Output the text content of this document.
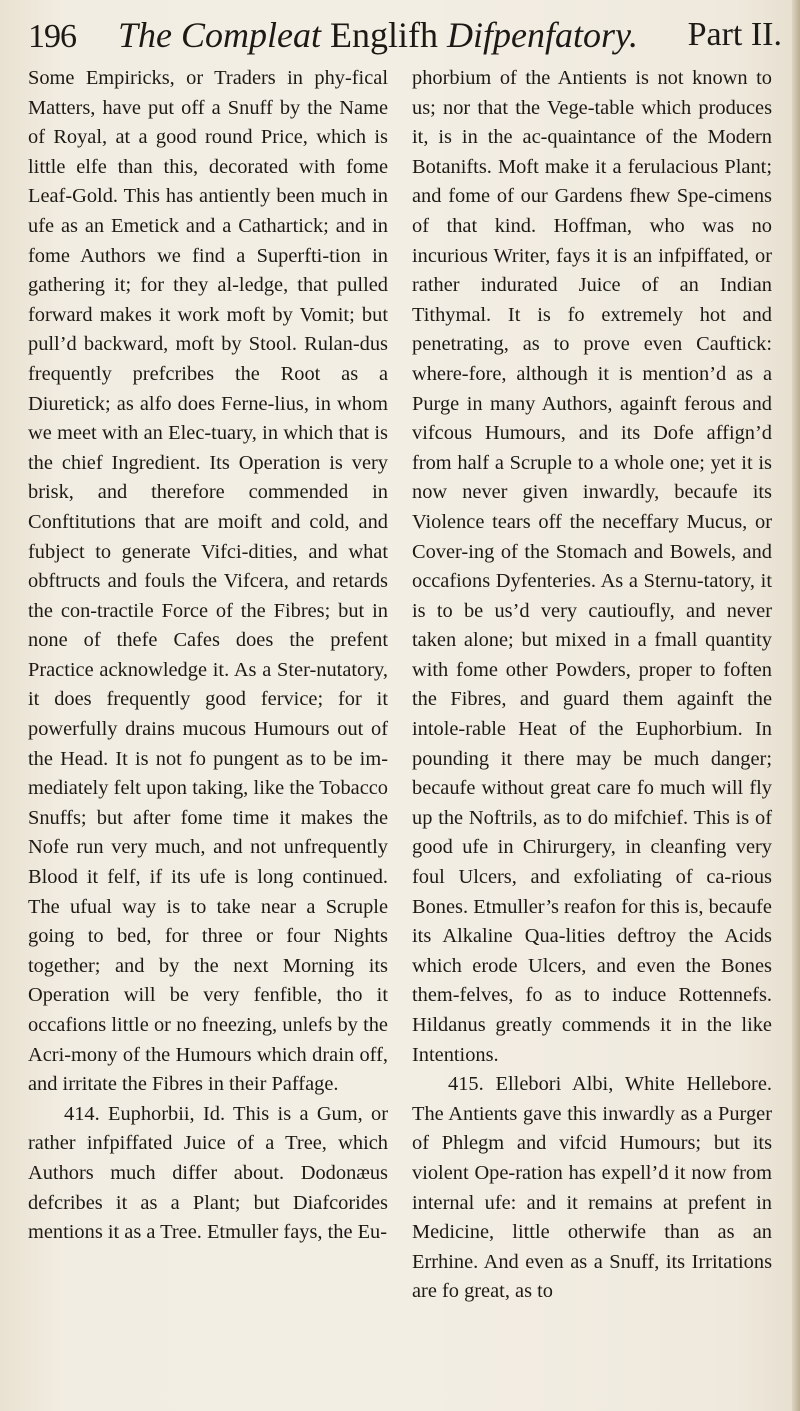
196 The Compleat Englifh Difpenfatory. Part II.

Some Empiricks, or Traders in phy-fical Matters, have put off a Snuff by the Name of Royal, at a good round Price, which is little elfe than this, decorated with fome Leaf-Gold. This has antiently been much in ufe as an Emetick and a Cathartick; and in fome Authors we find a Superfti-tion in gathering it; for they al-ledge, that pulled forward makes it work moft by Vomit; but pull’d backward, moft by Stool. Rulan-dus frequently prefcribes the Root as a Diuretick; as alfo does Ferne-lius, in whom we meet with an Elec-tuary, in which that is the chief Ingredient. Its Operation is very brisk, and therefore commended in Conftitutions that are moift and cold, and fubject to generate Vifci-dities, and what obftructs and fouls the Vifcera, and retards the con-tractile Force of the Fibres; but in none of thefe Cafes does the prefent Practice acknowledge it. As a Ster-nutatory, it does frequently good fervice; for it powerfully drains mucous Humours out of the Head. It is not fo pungent as to be im-mediately felt upon taking, like the Tobacco Snuffs; but after fome time it makes the Nofe run very much, and not unfrequently Blood it felf, if its ufe is long continued. The ufual way is to take near a Scruple going to bed, for three or four Nights together; and by the next Morning its Operation will be very fenfible, tho it occafions little or no fneezing, unlefs by the Acri-mony of the Humours which drain off, and irritate the Fibres in their Paffage.

414. Euphorbii, Id. This is a Gum, or rather infpiffated Juice of a Tree, which Authors much differ about. Dodonæus defcribes it as a Plant; but Diafcorides mentions it as a Tree. Etmuller fays, the Eu-

phorbium of the Antients is not known to us; nor that the Vege-table which produces it, is in the ac-quaintance of the Modern Botanifts. Moft make it a ferulacious Plant; and fome of our Gardens fhew Spe-cimens of that kind. Hoffman, who was no incurious Writer, fays it is an infpiffated, or rather indurated Juice of an Indian Tithymal. It is fo extremely hot and penetrating, as to prove even Cauftick: where-fore, although it is mention’d as a Purge in many Authors, againft ferous and vifcous Humours, and its Dofe affign’d from half a Scruple to a whole one; yet it is now never given inwardly, becaufe its Violence tears off the neceffary Mucus, or Cover-ing of the Stomach and Bowels, and occafions Dyfenteries. As a Sternu-tatory, it is to be us’d very cautioufly, and never taken alone; but mixed in a fmall quantity with fome other Powders, proper to foften the Fibres, and guard them againft the intole-rable Heat of the Euphorbium. In pounding it there may be much danger; becaufe without great care fo much will fly up the Noftrils, as to do mifchief. This is of good ufe in Chirurgery, in cleanfing very foul Ulcers, and exfoliating of ca-rious Bones. Etmuller’s reafon for this is, becaufe its Alkaline Qua-lities deftroy the Acids which erode Ulcers, and even the Bones them-felves, fo as to induce Rottennefs. Hildanus greatly commends it in the like Intentions.

415. Ellebori Albi, White Hellebore. The Antients gave this inwardly as a Purger of Phlegm and vifcid Humours; but its violent Ope-ration has expell’d it now from internal ufe: and it remains at prefent in Medicine, little otherwife than as an Errhine. And even as a Snuff, its Irritations are fo great, as to
